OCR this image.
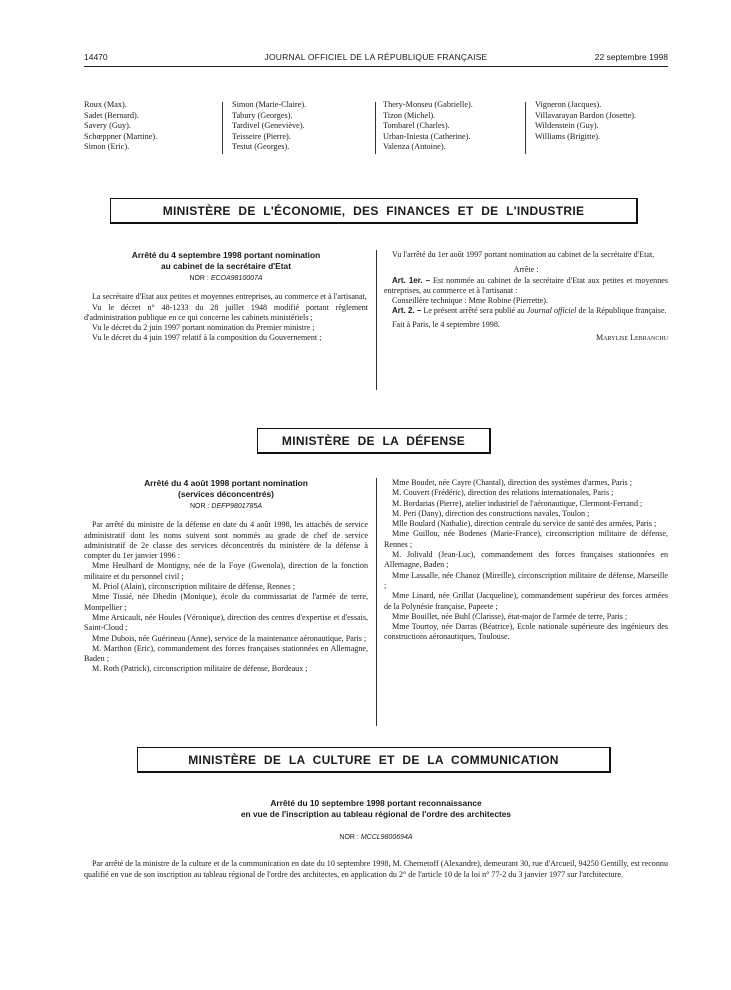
14470	JOURNAL OFFICIEL DE LA RÉPUBLIQUE FRANÇAISE	22 septembre 1998
Roux (Max).
Sadet (Bernard).
Savery (Guy).
Schœppner (Martine).
Simon (Eric).
Simon (Marie-Claire).
Tabury (Georges).
Tardivel (Geneviève).
Teisseire (Pierre).
Testut (Georges).
Thery-Monseu (Gabrielle).
Tizon (Michel).
Tombarel (Charles).
Urban-Iniesta (Catherine).
Valenza (Antoine).
Vigneron (Jacques).
Villavarayan Bardon (Josette).
Wildenstein (Guy).
Williams (Brigitte).
MINISTÈRE DE L'ÉCONOMIE, DES FINANCES ET DE L'INDUSTRIE
Arrêté du 4 septembre 1998 portant nomination
au cabinet de la secrétaire d'Etat
NOR : ECOA9810007A

La secrétaire d'Etat aux petites et moyennes entreprises, au commerce et à l'artisanat,

Vu le décret n° 48-1233 du 28 juillet 1948 modifié portant règlement d'administration publique en ce qui concerne les cabinets ministériels ;

Vu le décret du 2 juin 1997 portant nomination du Premier ministre ;

Vu le décret du 4 juin 1997 relatif à la composition du Gouvernement ;

Vu l'arrêté du 1er août 1997 portant nomination au cabinet de la secrétaire d'Etat,

Arrête :

Art. 1er. – Est nommée au cabinet de la secrétaire d'Etat aux petites et moyennes entreprises, au commerce et à l'artisanat :

Conseillère technique : Mme Robine (Pierrette).

Art. 2. – Le présent arrêté sera publié au Journal officiel de la République française.

Fait à Paris, le 4 septembre 1998.

Marylise Lebranchu

MINISTÈRE DE LA DÉFENSE
Arrêté du 4 août 1998 portant nomination
(services déconcentrés)
NOR : DEFP9801785A

Par arrêté du ministre de la défense en date du 4 août 1998, les attachés de service administratif dont les noms suivent sont nommés au grade de chef de service administratif de 2e classe des services déconcentrés du ministère de la défense à compter du 1er janvier 1996 :

Mme Heulhard de Montigny, née de la Foye (Gwenola), direction de la fonction militaire et du personnel civil ;

M. Priol (Alain), circonscription militaire de défense, Rennes ;

Mme Tissié, née Dhedin (Monique), école du commissariat de l'armée de terre, Montpellier ;

Mme Arsicault, née Houles (Véronique), direction des centres d'expertise et d'essais, Saint-Cloud ;

Mme Dubois, née Guérineau (Anne), service de la maintenance aéronautique, Paris ;

M. Marthon (Eric), commandement des forces françaises stationnées en Allemagne, Baden ;

M. Roth (Patrick), circonscription militaire de défense, Bordeaux ;

Mme Boudet, née Cayre (Chantal), direction des systèmes d'armes, Paris ;

M. Couvert (Frédéric), direction des relations internationales, Paris ;

M. Bordarias (Pierre), atelier industriel de l'aéronautique, Clermont-Ferrand ;

M. Peri (Dany), direction des constructions navales, Toulon ;

Mlle Boulard (Nathalie), direction centrale du service de santé des armées, Paris ;

Mme Guillou, née Bodenes (Marie-France), circonscription militaire de défense, Rennes ;

M. Jolivald (Jean-Luc), commandement des forces françaises stationnées en Allemagne, Baden ;

Mme Lassalle, née Chanoz (Mireille), circonscription militaire de défense, Marseille ;

Mme Linard, née Grillat (Jacqueline), commandement supérieur des forces armées de la Polynésie française, Papeete ;

Mme Bouillet, née Buhl (Clarisse), état-major de l'armée de terre, Paris ;

Mme Tourtoy, née Darras (Béatrice), Ecole nationale supérieure des ingénieurs des constructions aéronautiques, Toulouse.

MINISTÈRE DE LA CULTURE ET DE LA COMMUNICATION
Arrêté du 10 septembre 1998 portant reconnaissance
en vue de l'inscription au tableau régional de l'ordre des architectes
NOR : MCCL9800694A

Par arrêté de la ministre de la culture et de la communication en date du 10 septembre 1998, M. Chernetoff (Alexandre), demeurant 30, rue d'Arcueil, 94250 Gentilly, est reconnu qualifié en vue de son inscription au tableau régional de l'ordre des architectes, en application du 2° de l'article 10 de la loi n° 77-2 du 3 janvier 1977 sur l'architecture.
